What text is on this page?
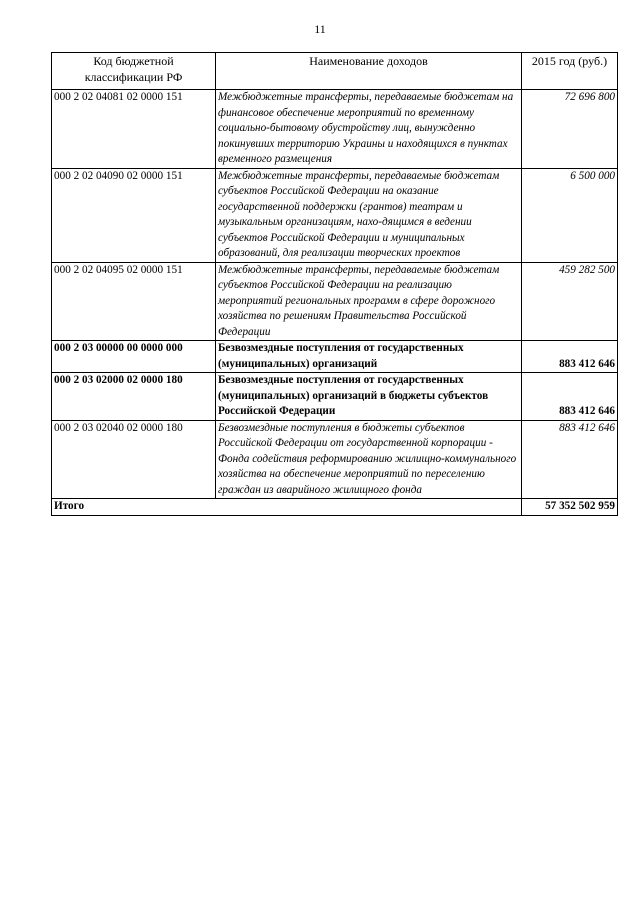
11
Код бюджетной классификации РФ	Наименование доходов	2015 год (руб.)
000 2 02 04081 02 0000 151	Межбюджетные трансферты, передаваемые бюджетам на финансовое обеспечение мероприятий по временному социально-бытовому обустройству лиц, вынужденно покинувших территорию Украины и находящихся в пунктах временного размещения	72 696 800
000 2 02 04090 02 0000 151	Межбюджетные трансферты, передаваемые бюджетам субъектов Российской Федерации на оказание государственной поддержки (грантов) театрам и музыкальным организациям, нахо-дящимся в ведении субъектов Российской Федерации и муниципальных образований, для реализации творческих проектов	6 500 000
000 2 02 04095 02 0000 151	Межбюджетные трансферты, передаваемые бюджетам субъектов Российской Федерации на реализацию мероприятий региональных программ в сфере дорожного хозяйства по решениям Правительства Российской Федерации	459 282 500
000 2 03 00000 00 0000 000	Безвозмездные поступления от государственных (муниципальных) организаций	883 412 646
000 2 03 02000 02 0000 180	Безвозмездные поступления от государственных (муниципальных) организаций в бюджеты субъектов Российской Федерации	883 412 646
000 2 03 02040 02 0000 180	Безвозмездные поступления в бюджеты субъектов Российской Федерации от государственной корпорации - Фонда содействия реформированию жилищно-коммунального хозяйства на обеспечение мероприятий по переселению граждан из аварийного жилищного фонда	883 412 646
Итого		57 352 502 959
